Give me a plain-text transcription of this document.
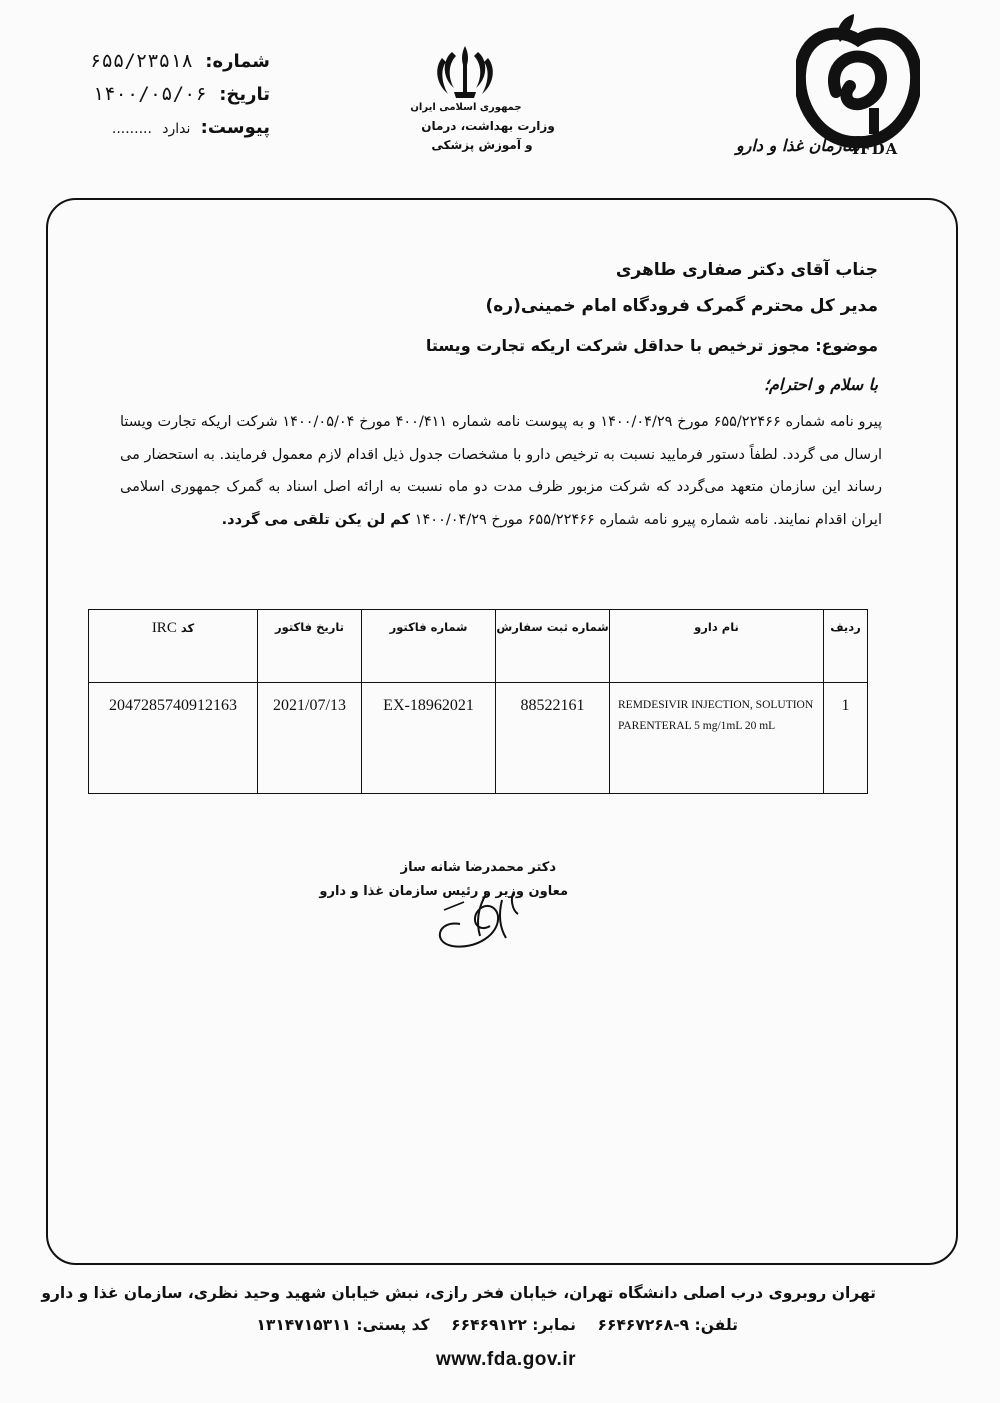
شماره: ۶۵۵/۲۳۵۱۸
تاریخ: ۱۴۰۰/۰۵/۰۶
پیوست: ندارد .........
جمهوری اسلامی ایران
وزارت بهداشت، درمان
و آموزش پزشکی	سازمان غذا و دارو
IFDA
جناب آقای دکتر صفاری طاهری
مدیر کل محترم گمرک فرودگاه امام خمینی(ره)
موضوع: مجوز ترخیص با حداقل شرکت اریکه تجارت ویستا
با سلام و احترام؛
پیرو نامه شماره ۶۵۵/۲۲۴۶۶ مورخ ۱۴۰۰/۰۴/۲۹ و به پیوست نامه شماره ۴۰۰/۴۱۱ مورخ ۱۴۰۰/۰۵/۰۴ شرکت اریکه تجارت ویستا ارسال می گردد. لطفاً دستور فرمایید نسبت به ترخیص دارو با مشخصات جدول ذیل اقدام لازم معمول فرمایند. به استحضار می رساند این سازمان متعهد می‌گردد که شرکت مزبور ظرف مدت دو ماه نسبت به ارائه اصل اسناد به گمرک جمهوری اسلامی ایران اقدام نمایند. نامه شماره پیرو نامه شماره ۶۵۵/۲۲۴۶۶ مورخ ۱۴۰۰/۰۴/۲۹ کم لن یکن تلقی می گردد.
ردیف	نام دارو	شماره ثبت سفارش	شماره فاکتور	تاریخ فاکتور	کد IRC
1	REMDESIVIR INJECTION, SOLUTION PARENTERAL 5 mg/1mL 20 mL	88522161	EX-18962021	2021/07/13	2047285740912163
دکتر محمدرضا شانه ساز
معاون وزیر و رئیس سازمان غذا و دارو
تهران روبروی درب اصلی دانشگاه تهران، خیابان فخر رازی، نبش خیابان شهید وحید نظری، سازمان غذا و دارو
تلفن: ۹-۶۶۴۶۷۲۶۸    نمابر: ۶۶۴۶۹۱۲۲    کد پستی: ۱۳۱۴۷۱۵۳۱۱
www.fda.gov.ir
